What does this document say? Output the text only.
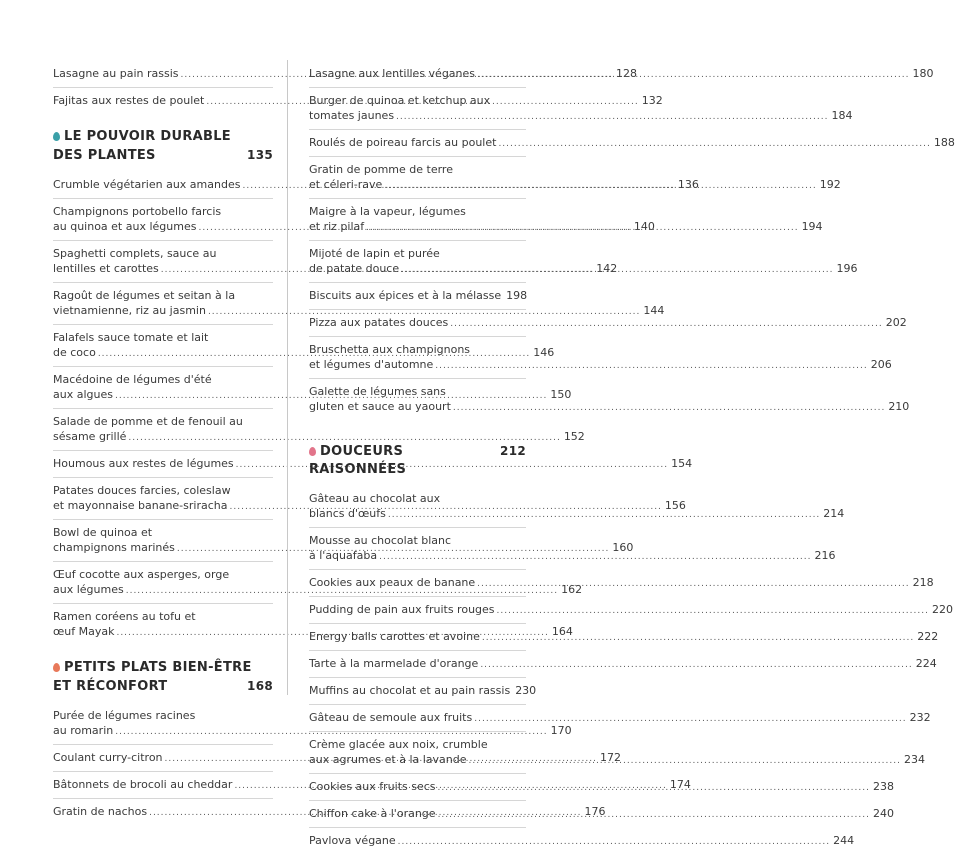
Lasagne au pain rassis .....	128
Fajitas aux restes de poulet .....	132
LE POUVOIR DURABLE
DES PLANTES	135
Crumble végétarien aux amandes .....	136
Champignons portobello farcis
au quinoa et aux légumes .....	140
Spaghetti complets, sauce au
lentilles et carottes .....	142
Ragoût de légumes et seitan à la
vietnamienne, riz au jasmin .....	144
Falafels sauce tomate et lait
de coco .....	146
Macédoine de légumes d'été
aux algues .....	150
Salade de pomme et de fenouil au
sésame grillé .....	152
Houmous aux restes de légumes .....	154
Patates douces farcies, coleslaw
et mayonnaise banane-sriracha .....	156
Bowl de quinoa et
champignons marinés .....	160
Œuf cocotte aux asperges, orge
aux légumes .....	162
Ramen coréens au tofu et
œuf Mayak .....	164
PETITS PLATS BIEN-ÊTRE
ET RÉCONFORT	168
Purée de légumes racines
au romarin .....	170
Coulant curry-citron .....	172
Bâtonnets de brocoli au cheddar .....	174
Gratin de nachos .....	176
Lasagne aux lentilles véganes .....	180
Burger de quinoa et ketchup aux
tomates jaunes .....	184
Roulés de poireau farcis au poulet .....	188
Gratin de pomme de terre
et céleri-rave .....	192
Maigre à la vapeur, légumes
et riz pilaf .....	194
Mijoté de lapin et purée
de patate douce .....	196
Biscuits aux épices et à la mélasse 198
Pizza aux patates douces .....	202
Bruschetta aux champignons
et légumes d'automne .....	206
Galette de légumes sans
gluten et sauce au yaourt .....	210
DOUCEURS RAISONNÉES
212
Gâteau au chocolat aux
blancs d'œufs .....	214
Mousse au chocolat blanc
à l'aquafaba .....	216
Cookies aux peaux de banane .....	218
Pudding de pain aux fruits rouges .....	220
Energy balls carottes et avoine .....	222
Tarte à la marmelade d'orange .....	224
Muffins au chocolat et au pain rassis 230
Gâteau de semoule aux fruits .....	232
Crème glacée aux noix, crumble
aux agrumes et à la lavande .....	234
Cookies aux fruits secs .....	238
Chiffon cake à l'orange .....	240
Pavlova végane .....	244
